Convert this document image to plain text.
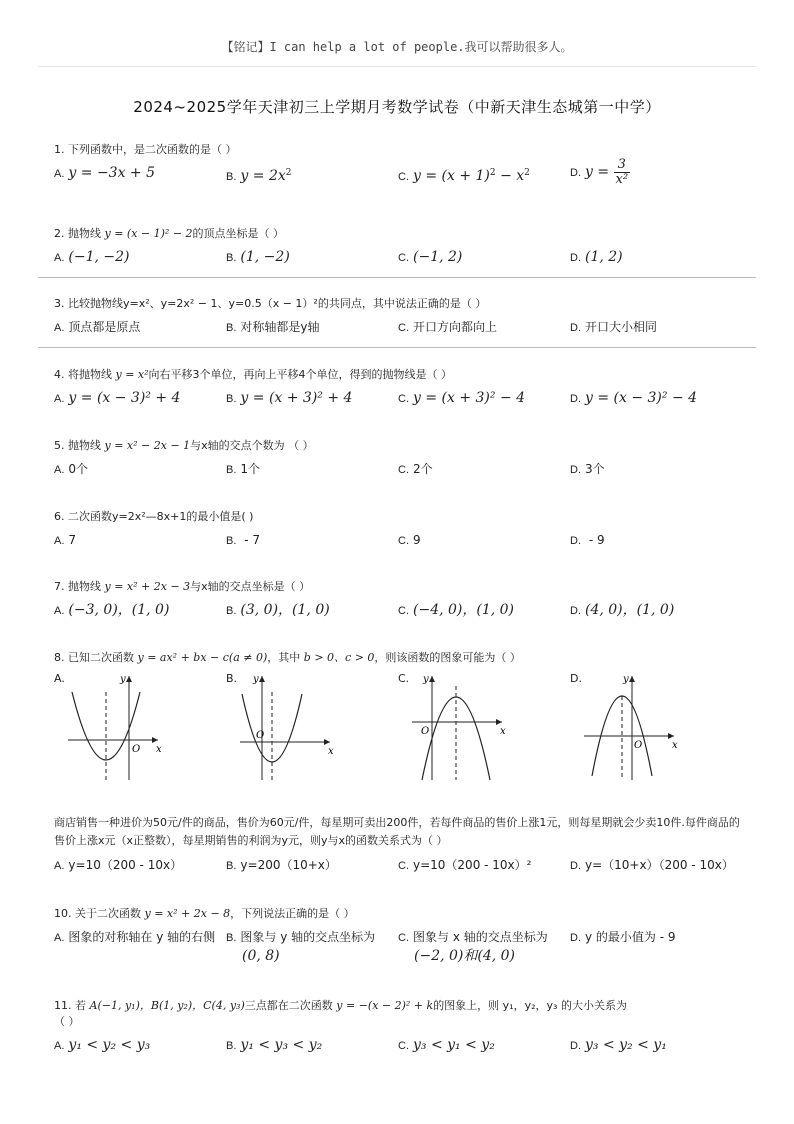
【铭记】I can help a lot of people.我可以帮助很多人。
2024~2025学年天津初三上学期月考数学试卷（中新天津生态城第一中学）
1. 下列函数中，是二次函数的是（ ）
A. y = −3x + 5	B. $y = 2x^2$	C. $y = (x + 1)^2 - x^2$	D. $y = \frac{3}{\text{x²}}$
2. 抛物线 y = (x − 1)² − 2的顶点坐标是（ ）
A. (−1, −2)	B. (1, −2)	C. (−1, 2)	D. (1, 2)
3. 比较抛物线y=x²、y=2x² − 1、y=0.5（x − 1）²的共同点，其中说法正确的是（ ）
A. 顶点都是原点	B. 对称轴都是y轴	C. 开口方向都向上	D. 开口大小相同
4. 将抛物线 y = x²向右平移3个单位，再向上平移4个单位，得到的抛物线是（ ）
A. y = (x − 3)² + 4	B. y = (x + 3)² + 4	C. y = (x + 3)² − 4	D. y = (x − 3)² − 4
5. 抛物线 y = x² − 2x − 1与x轴的交点个数为 （ ）
A. 0个	B. 1个	C. 2个	D. 3个
6. 二次函数y=2x²—8x+1的最小值是( )
A. 7	B. - 7	C. 9	D. - 9
7. 抛物线 y = x² + 2x − 3与x轴的交点坐标是（ ）
A. (−3, 0)，(1, 0)	B. (3, 0)，(1, 0)	C. (−4, 0)，(1, 0)	D. (4, 0)，(1, 0)
8. 已知二次函数 y = ax² + bx − c(a ≠ 0)，其中 b > 0、c > 0，则该函数的图象可能为（ ）
A.
x
y
O
B.
x
y
O
C.
x
y
O
D.
x
y
O
商店销售一种进价为50元/件的商品，售价为60元/件，每星期可卖出200件，若每件商品的售价上涨1元，则每星期就会少卖10件.每件商品的售价上涨x元（x正整数），每星期销售的利润为y元，则y与x的函数关系式为（ ）
A. y=10（200 - 10x）	B. y=200（10+x）	C. y=10（200 - 10x）²	D. y=（10+x）（200 - 10x）
10. 关于二次函数 y = x² + 2x − 8，下列说法正确的是（ ）
A. 图象的对称轴在 y 轴的右侧 B. 图象与 y 轴的交点坐标为
(0, 8)
C. 图象与 x 轴的交点坐标为
(−2, 0)和(4, 0)
D. y 的最小值为 - 9
11. 若 A(−1, y₁)，B(1, y₂)，C(4, y₃)三点都在二次函数 y = −(x − 2)² + k的图象上，则 y₁，y₂，y₃ 的大小关系为
（ ）
A. y₁ < y₂ < y₃	B. y₁ < y₃ < y₂	C. y₃ < y₁ < y₂	D. y₃ < y₂ < y₁
